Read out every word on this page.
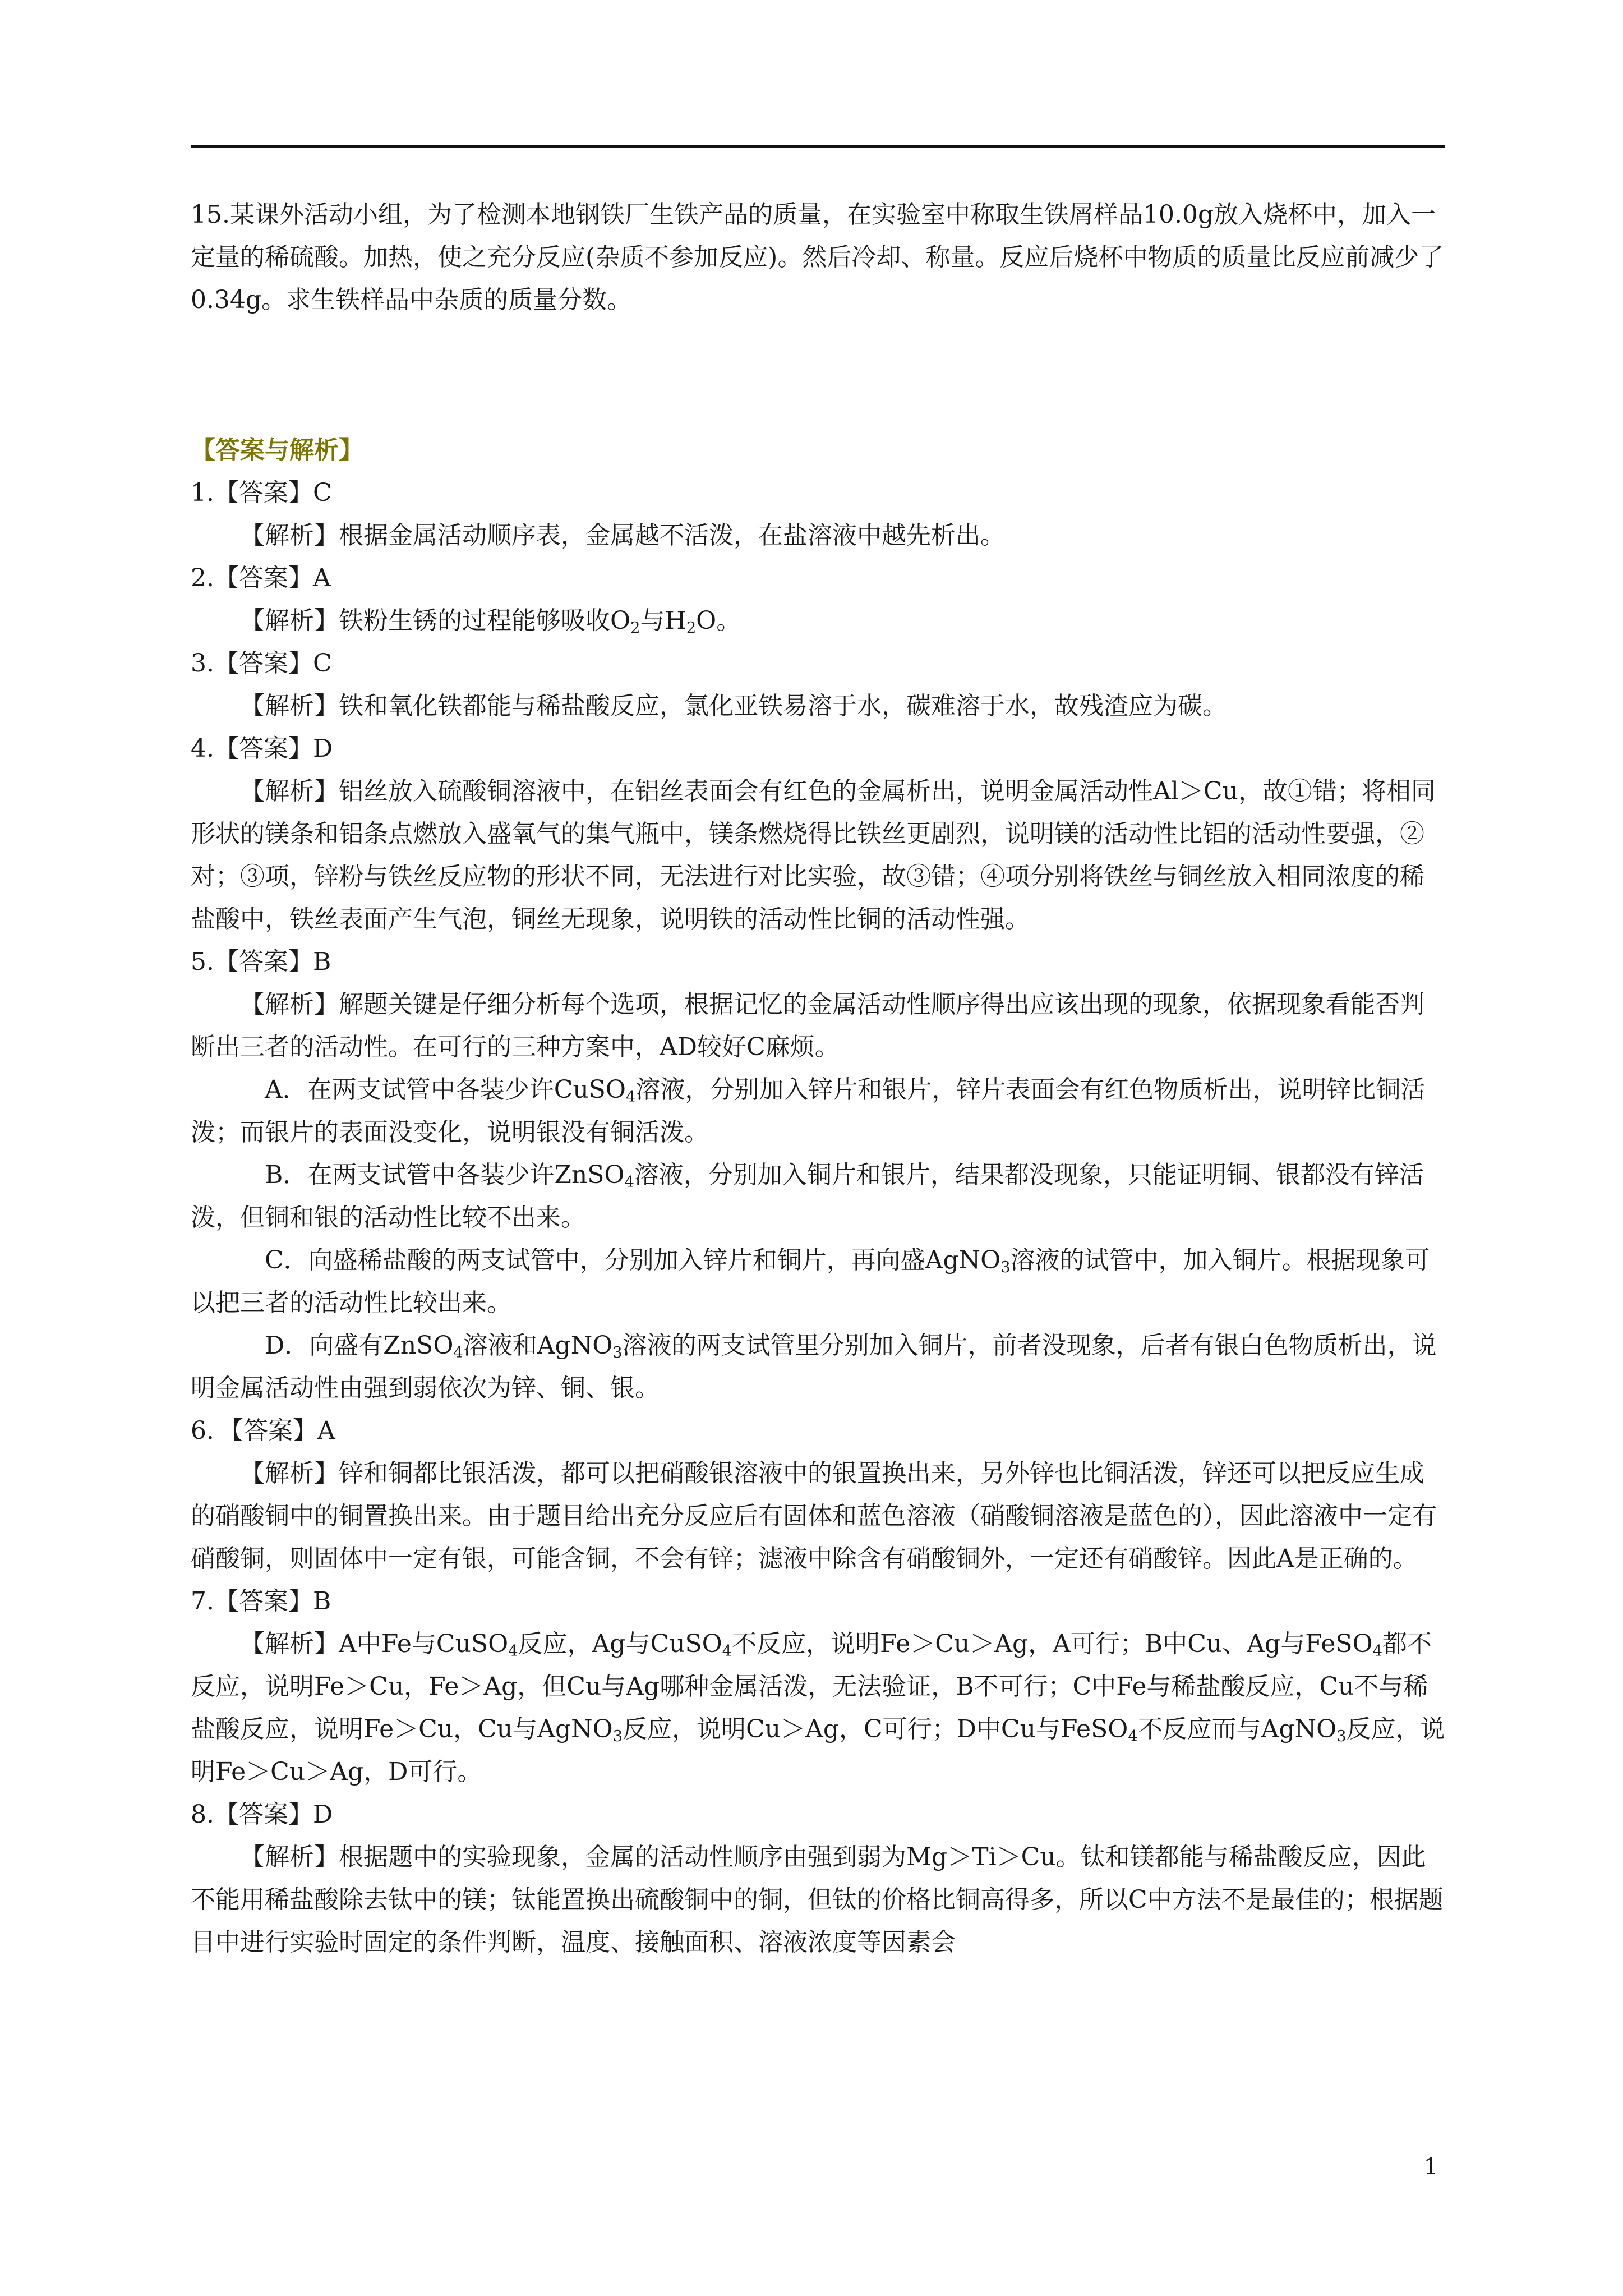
15.某课外活动小组，为了检测本地钢铁厂生铁产品的质量，在实验室中称取生铁屑样品10.0g放入烧杯中，加入一定量的稀硫酸。加热，使之充分反应(杂质不参加反应)。然后冷却、称量。反应后烧杯中物质的质量比反应前减少了0.34g。求生铁样品中杂质的质量分数。

【答案与解析】

1.【答案】C

【解析】根据金属活动顺序表，金属越不活泼，在盐溶液中越先析出。

2.【答案】A

【解析】铁粉生锈的过程能够吸收$O_2$与$H_2O$。

3.【答案】C

【解析】铁和氧化铁都能与稀盐酸反应，氯化亚铁易溶于水，碳难溶于水，故残渣应为碳。

4.【答案】D

【解析】铝丝放入硫酸铜溶液中，在铝丝表面会有红色的金属析出，说明金属活动性Al＞Cu，故①错；将相同形状的镁条和铝条点燃放入盛氧气的集气瓶中，镁条燃烧得比铁丝更剧烈，说明镁的活动性比铝的活动性要强，②对；③项，锌粉与铁丝反应物的形状不同，无法进行对比实验，故③错；④项分别将铁丝与铜丝放入相同浓度的稀盐酸中，铁丝表面产生气泡，铜丝无现象，说明铁的活动性比铜的活动性强。

5.【答案】B

【解析】解题关键是仔细分析每个选项，根据记忆的金属活动性顺序得出应该出现的现象，依据现象看能否判断出三者的活动性。在可行的三种方案中，AD较好C麻烦。

A．在两支试管中各装少许CuSO$_4$溶液，分别加入锌片和银片，锌片表面会有红色物质析出，说明锌比铜活泼；而银片的表面没变化，说明银没有铜活泼。

B．在两支试管中各装少许ZnSO$_4$溶液，分别加入铜片和银片，结果都没现象，只能证明铜、银都没有锌活泼，但铜和银的活动性比较不出来。

C．向盛稀盐酸的两支试管中，分别加入锌片和铜片，再向盛AgNO$_3$溶液的试管中，加入铜片。根据现象可以把三者的活动性比较出来。

D．向盛有ZnSO$_4$溶液和AgNO$_3$溶液的两支试管里分别加入铜片，前者没现象，后者有银白色物质析出，说明金属活动性由强到弱依次为锌、铜、银。

6．【答案】A

【解析】锌和铜都比银活泼，都可以把硝酸银溶液中的银置换出来，另外锌也比铜活泼，锌还可以把反应生成的硝酸铜中的铜置换出来。由于题目给出充分反应后有固体和蓝色溶液（硝酸铜溶液是蓝色的），因此溶液中一定有硝酸铜，则固体中一定有银，可能含铜，不会有锌；滤液中除含有硝酸铜外，一定还有硝酸锌。因此A是正确的。

7.【答案】B

【解析】A中Fe与CuSO$_4$反应，Ag与CuSO$_4$不反应，说明Fe＞Cu＞Ag，A可行；B中Cu、Ag与FeSO$_4$都不反应，说明Fe＞Cu，Fe＞Ag，但Cu与Ag哪种金属活泼，无法验证，B不可行；C中Fe与稀盐酸反应，Cu不与稀盐酸反应，说明Fe＞Cu，Cu与AgNO$_3$反应，说明Cu＞Ag，C可行；D中Cu与FeSO$_4$不反应而与AgNO$_3$反应，说明Fe＞Cu＞Ag，D可行。

8.【答案】D

【解析】根据题中的实验现象，金属的活动性顺序由强到弱为Mg＞Ti＞Cu。钛和镁都能与稀盐酸反应，因此不能用稀盐酸除去钛中的镁；钛能置换出硫酸铜中的铜，但钛的价格比铜高得多，所以C中方法不是最佳的；根据题目中进行实验时固定的条件判断，温度、接触面积、溶液浓度等因素会

1
